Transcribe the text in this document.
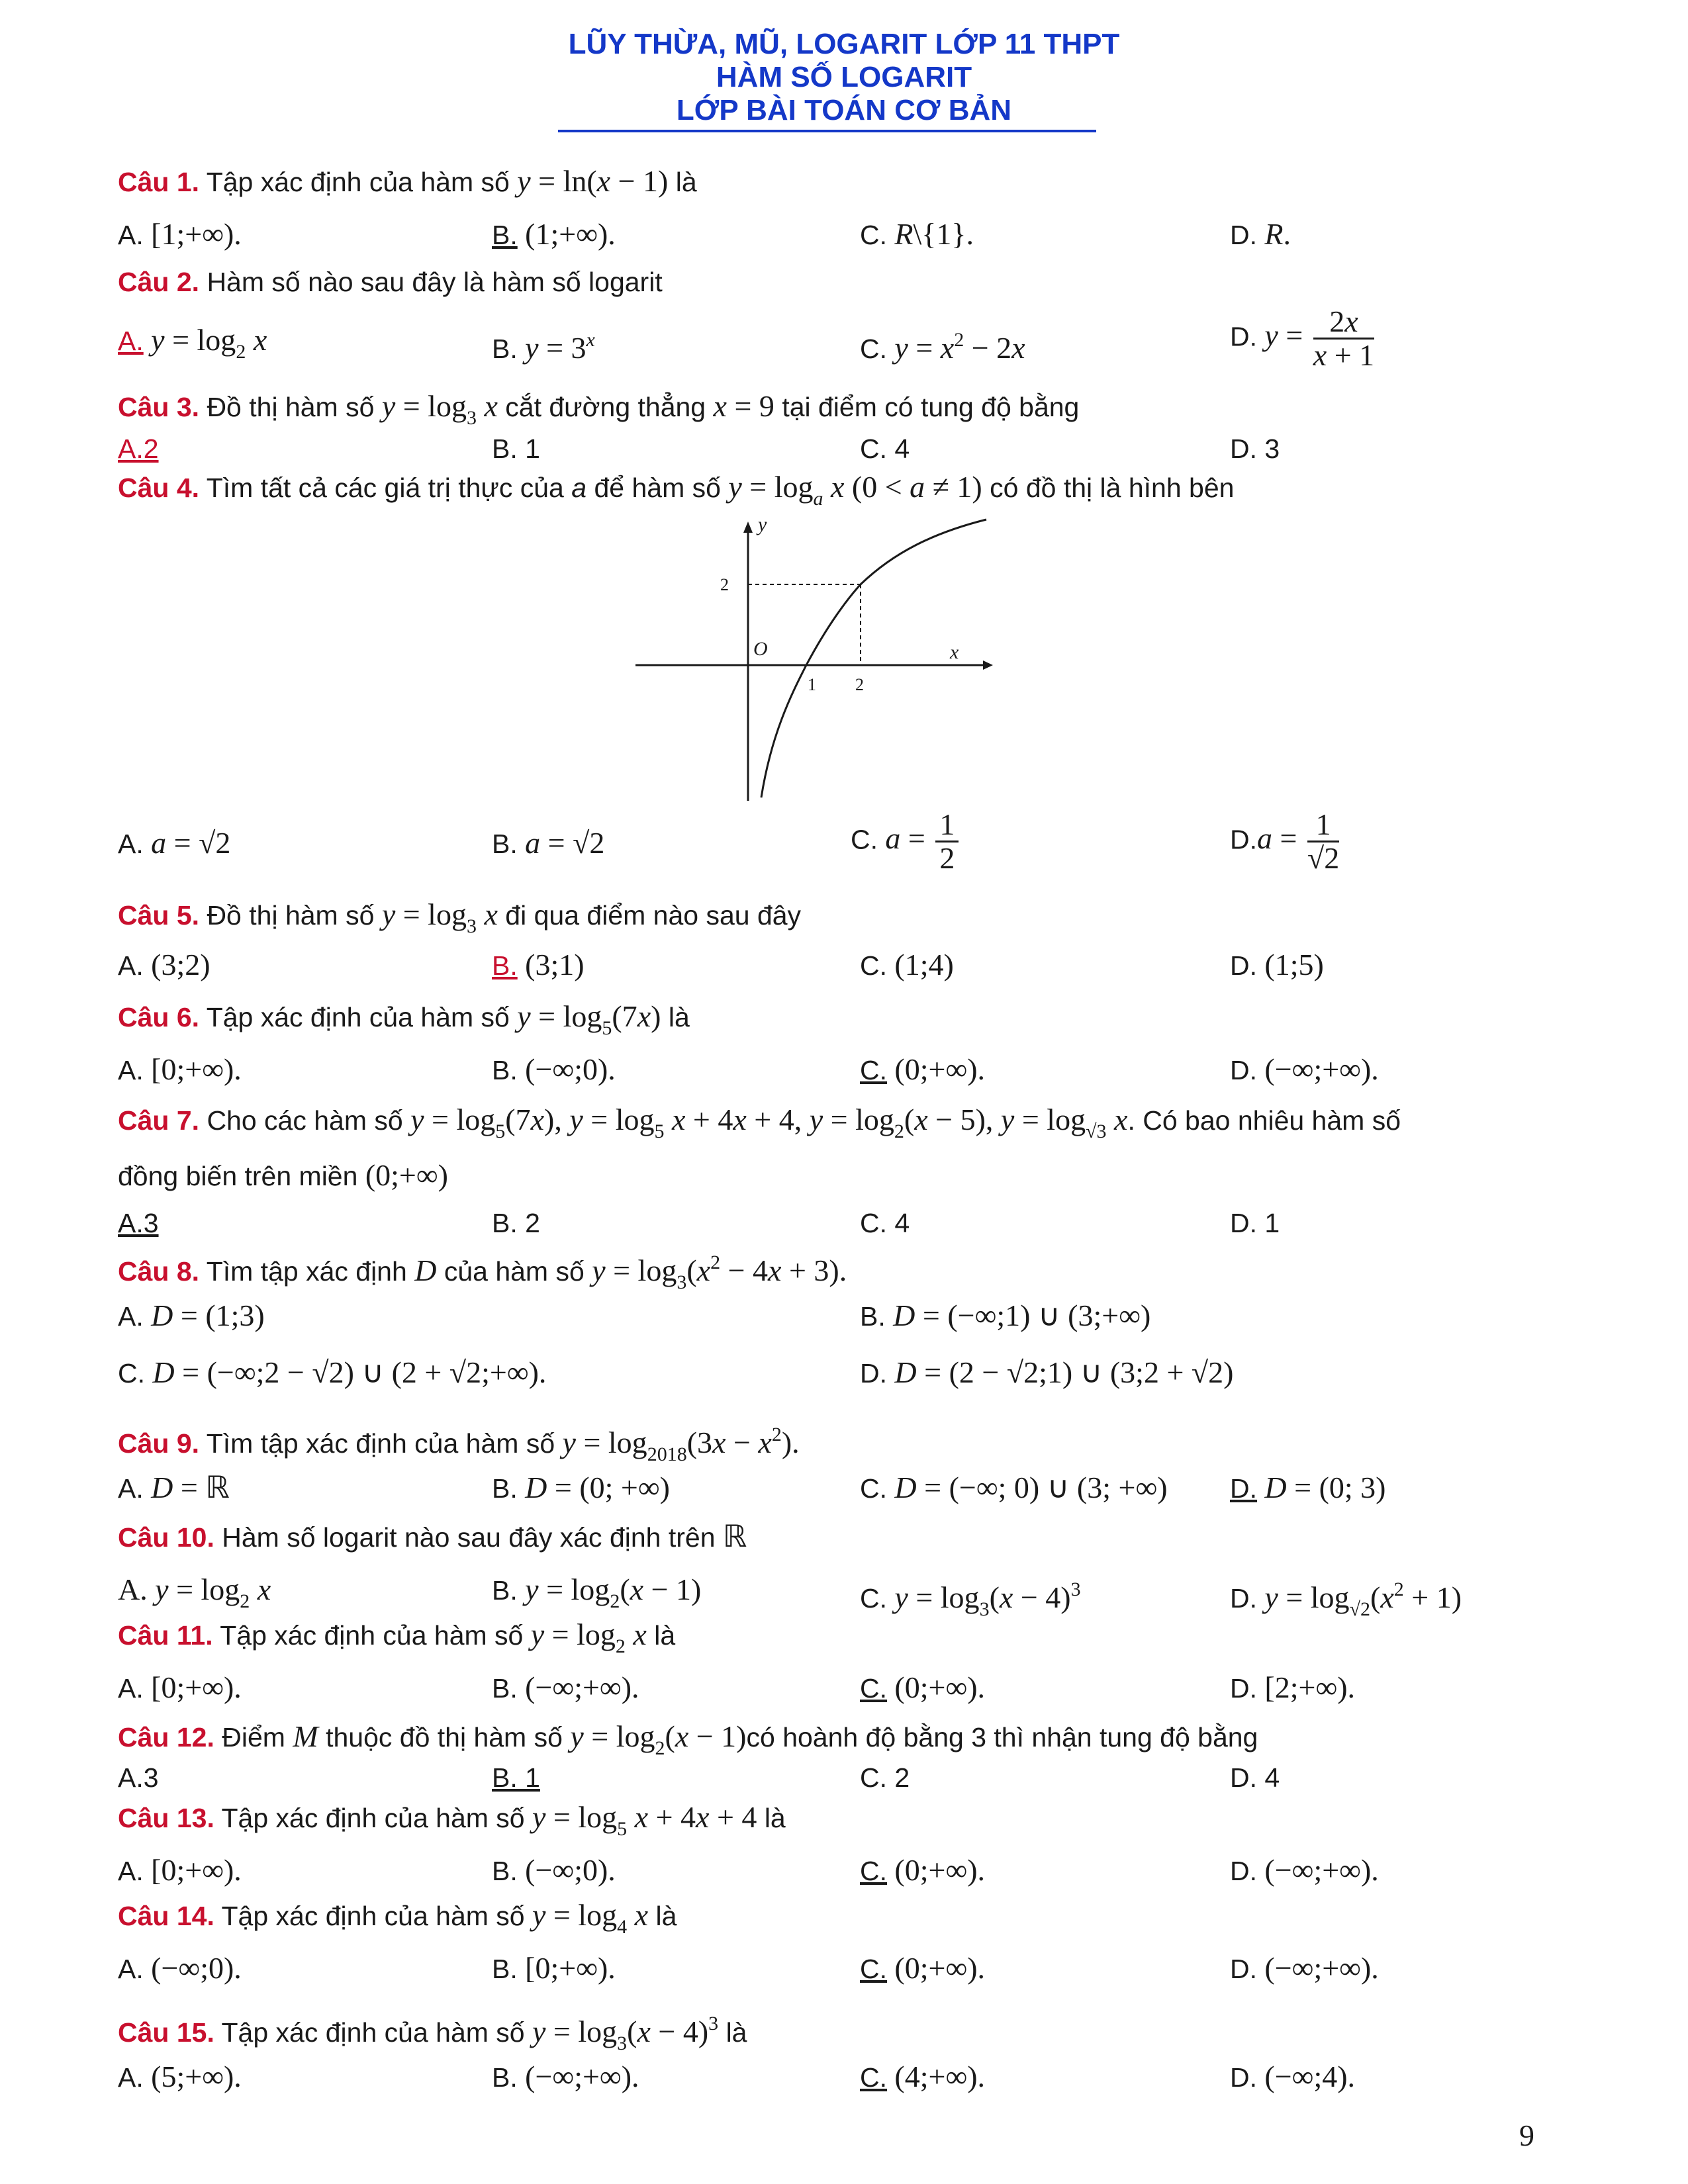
LŨY THỪA, MŨ, LOGARIT LỚP 11 THPT
HÀM SỐ LOGARIT
LỚP BÀI TOÁN CƠ BẢN
Câu 1. Tập xác định của hàm số y = ln(x − 1) là
A. [1;+∞).	B. (1;+∞).	C. R\{1}.	D. R.
Câu 2. Hàm số nào sau đây là hàm số logarit
A. $y = \log_2 x$	B. $y = 3^x$	C. $y = x^2 - 2x$	D. $y = \frac{2x}{x + 1}$
Câu 3. Đồ thị hàm số $y = \log_3 x$ cắt đường thẳng x = 9 tại điểm có tung độ bằng
A.2	B. 1	C. 4	D. 3
Câu 4. Tìm tất cả các giá trị thực của a để hàm số $y = \log_a x$ (0 < a ≠ 1) có đồ thị là hình bên
y
x
O
1 2
2
A. a = √2	B. a = √2	C. $a = \frac{1}{2}$	$D.a = \frac{1}{√2}$
Câu 5. Đồ thị hàm số $y = \log_3 x$ đi qua điểm nào sau đây
A. (3;2)	B. (3;1)	C. (1;4)	D. (1;5)
Câu 6. Tập xác định của hàm số $y = \log_5(7x)$ là
A. [0;+∞).	B. (−∞;0).	C. (0;+∞).	D. (−∞;+∞).
Câu 7. Cho các hàm số $y = \log_5(7x)$, $y = \log_5 x + 4x + 4$, $y = \log_2(x - 5)$, $y = \log_{√3} x$. Có bao nhiêu hàm số
đồng biến trên miền (0;+∞)
A.3	B. 2	C. 4	D. 1
Câu 8. Tìm tập xác định D của hàm số $y = \log_3(x^2 - 4x + 3)$.
A. D = (1;3)	B. D = (−∞;1) ∪ (3;+∞)
C. D = (−∞;2 − √2) ∪ (2 + √2;+∞).	D. D = (2 − √2;1) ∪ (3;2 + √2)
Câu 9. Tìm tập xác định của hàm số $y = \log_{2018}(3x - x^2)$.
A. D = ℝ	B. D = (0; +∞)	C. D = (−∞; 0) ∪ (3; +∞) D. D = (0; 3)
Câu 10. Hàm số logarit nào sau đây xác định trên ℝ
A. $y = \log_2 x$	B. $y = \log_2(x - 1)$	C. $y = \log_3(x - 4)^3$	D. $y = \log_{√2}(x^2 + 1)$
Câu 11. Tập xác định của hàm số $y = \log_2 x$ là
A. [0;+∞).	B. (−∞;+∞).	C. (0;+∞).	D. [2;+∞).
Câu 12. Điểm M thuộc đồ thị hàm số $y = \log_2(x$ − 1)có hoành độ bằng 3 thì nhận tung độ bằng
A.3	B. 1	C. 2	D. 4
Câu 13. Tập xác định của hàm số $y = \log_5 x + 4x + 4$ là
A. [0;+∞).	B. (−∞;0).	C. (0;+∞).	D. (−∞;+∞).
Câu 14. Tập xác định của hàm số $y = \log_4 x$ là
A. (−∞;0).	B. [0;+∞).	C. (0;+∞).	D. (−∞;+∞).
Câu 15. Tập xác định của hàm số $y = \log_3(x - 4)^3$ là
A. (5;+∞).	B. (−∞;+∞).	C. (4;+∞).	D. (−∞;4).
9
